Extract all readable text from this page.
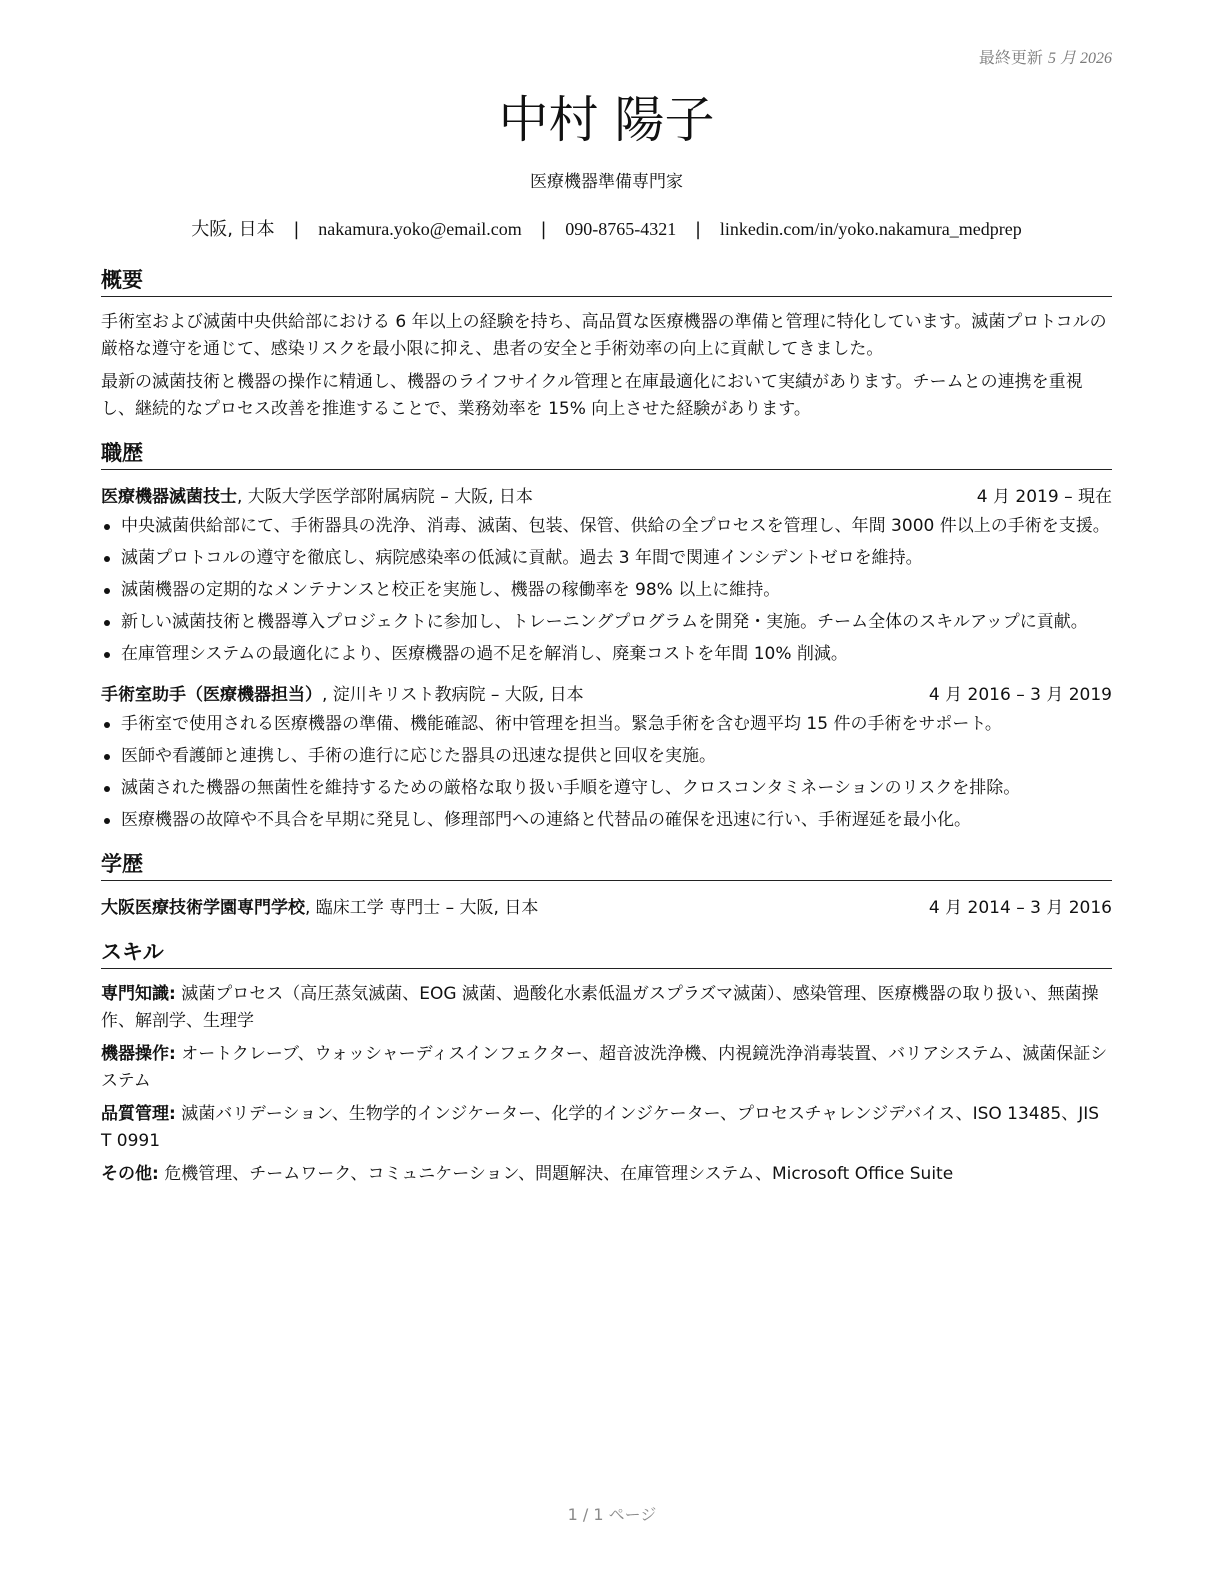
最終更新 5 月 2026
中村 陽子
医療機器準備専門家
大阪, 日本 | nakamura.yoko@email.com | 090-8765-4321 | linkedin.com/in/yoko.nakamura_medprep
概要

手術室および滅菌中央供給部における 6 年以上の経験を持ち、高品質な医療機器の準備と管理に特化しています。滅菌プロトコルの厳格な遵守を通じて、感染リスクを最小限に抑え、患者の安全と手術効率の向上に貢献してきました。

最新の滅菌技術と機器の操作に精通し、機器のライフサイクル管理と在庫最適化において実績があります。チームとの連携を重視し、継続的なプロセス改善を推進することで、業務効率を 15% 向上させた経験があります。

職歴
医療機器滅菌技士, 大阪大学医学部附属病院 – 大阪, 日本	4 月 2019 – 現在
中央滅菌供給部にて、手術器具の洗浄、消毒、滅菌、包装、保管、供給の全プロセスを管理し、年間 3000 件以上の手術を支援。
滅菌プロトコルの遵守を徹底し、病院感染率の低減に貢献。過去 3 年間で関連インシデントゼロを維持。
滅菌機器の定期的なメンテナンスと校正を実施し、機器の稼働率を 98% 以上に維持。
新しい滅菌技術と機器導入プロジェクトに参加し、トレーニングプログラムを開発・実施。チーム全体のスキルアップに貢献。
在庫管理システムの最適化により、医療機器の過不足を解消し、廃棄コストを年間 10% 削減。
手術室助手（医療機器担当）, 淀川キリスト教病院 – 大阪, 日本	4 月 2016 – 3 月 2019
手術室で使用される医療機器の準備、機能確認、術中管理を担当。緊急手術を含む週平均 15 件の手術をサポート。
医師や看護師と連携し、手術の進行に応じた器具の迅速な提供と回収を実施。
滅菌された機器の無菌性を維持するための厳格な取り扱い手順を遵守し、クロスコンタミネーションのリスクを排除。
医療機器の故障や不具合を早期に発見し、修理部門への連絡と代替品の確保を迅速に行い、手術遅延を最小化。
学歴
大阪医療技術学園専門学校, 臨床工学 専門士 – 大阪, 日本	4 月 2014 – 3 月 2016
スキル
専門知識: 滅菌プロセス（高圧蒸気滅菌、EOG 滅菌、過酸化水素低温ガスプラズマ滅菌）、感染管理、医療機器の取り扱い、無菌操作、解剖学、生理学
機器操作: オートクレーブ、ウォッシャーディスインフェクター、超音波洗浄機、内視鏡洗浄消毒装置、バリアシステム、滅菌保証システム
品質管理: 滅菌バリデーション、生物学的インジケーター、化学的インジケーター、プロセスチャレンジデバイス、ISO 13485、JIS T 0991
その他: 危機管理、チームワーク、コミュニケーション、問題解決、在庫管理システム、Microsoft Office Suite
1 / 1 ページ
